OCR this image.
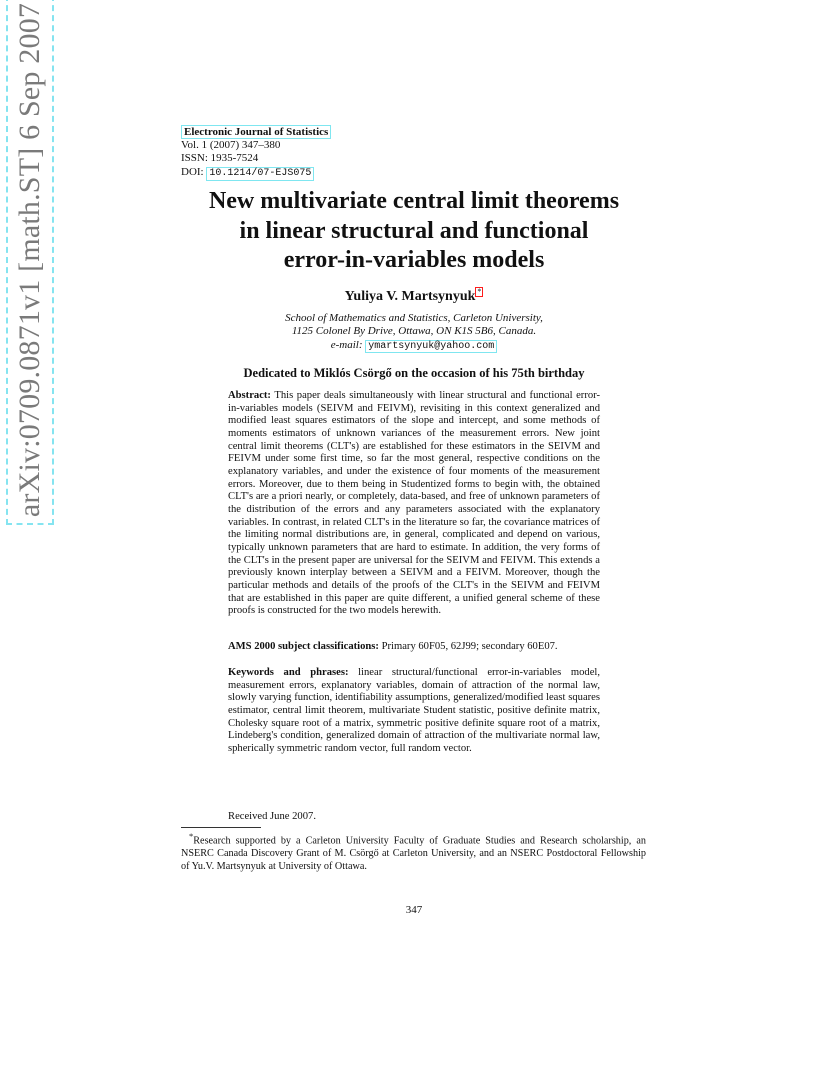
arXiv:0709.0871v1 [math.ST] 6 Sep 2007	Electronic Journal of Statistics
Vol. 1 (2007) 347–380
ISSN: 1935-7524
DOI: 10.1214/07-EJS075
New multivariate central limit theorems
in linear structural and functional
error-in-variables models
Yuliya V. Martsynyuk *
School of Mathematics and Statistics, Carleton University,
1125 Colonel By Drive, Ottawa, ON K1S 5B6, Canada.
e-mail: ymartsynyuk@yahoo.com
Dedicated to Miklós Csörgő on the occasion of his 75th birthday
Abstract: This paper deals simultaneously with linear structural and functional error-in-variables models (SEIVM and FEIVM), revisiting in this context generalized and modified least squares estimators of the slope and intercept, and some methods of moments estimators of unknown variances of the measurement errors. New joint central limit theorems (CLT's) are established for these estimators in the SEIVM and FEIVM under some first time, so far the most general, respective conditions on the explanatory variables, and under the existence of four moments of the measurement errors. Moreover, due to them being in Studentized forms to begin with, the obtained CLT's are a priori nearly, or completely, data-based, and free of unknown parameters of the distribution of the errors and any parameters associated with the explanatory variables. In contrast, in related CLT's in the literature so far, the covariance matrices of the limiting normal distributions are, in general, complicated and depend on various, typically unknown parameters that are hard to estimate. In addition, the very forms of the CLT's in the present paper are universal for the SEIVM and FEIVM. This extends a previously known interplay between a SEIVM and a FEIVM. Moreover, though the particular methods and details of the proofs of the CLT's in the SEIVM and FEIVM that are established in this paper are quite different, a unified general scheme of these proofs is constructed for the two models herewith.
AMS 2000 subject classifications: Primary 60F05, 62J99; secondary 60E07.
Keywords and phrases: linear structural/functional error-in-variables model, measurement errors, explanatory variables, domain of attraction of the normal law, slowly varying function, identifiability assumptions, generalized/modified least squares estimator, central limit theorem, multivariate Student statistic, positive definite matrix, Cholesky square root of a matrix, symmetric positive definite square root of a matrix, Lindeberg's condition, generalized domain of attraction of the multivariate normal law, spherically symmetric random vector, full random vector.
Received June 2007.
*Research supported by a Carleton University Faculty of Graduate Studies and Research scholarship, an NSERC Canada Discovery Grant of M. Csörgő at Carleton University, and an NSERC Postdoctoral Fellowship of Yu.V. Martsynyuk at University of Ottawa.
347
